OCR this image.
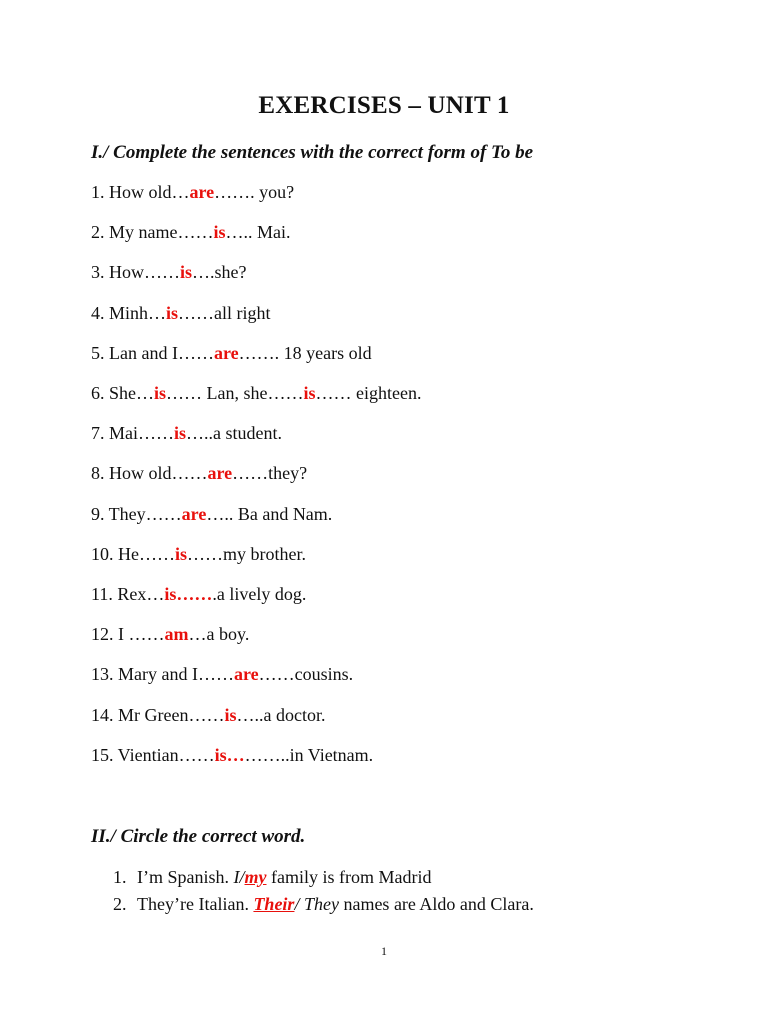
EXERCISES – UNIT 1
I./ Complete the sentences with the correct form of To be
1. How old…are……. you?
2. My name……is….. Mai.
3. How……is….she?
4. Minh…is……all right
5. Lan and I……are……. 18 years old
6. She…is…… Lan, she……is…… eighteen.
7. Mai……is…..a student.
8. How old……are……they?
9. They……are….. Ba and Nam.
10. He……is……my brother.
11. Rex…is…….a lively dog.
12. I ……am…a boy.
13. Mary and I……are……cousins.
14. Mr Green……is…..a doctor.
15. Vientian……is………..in Vietnam.
II./ Circle the correct word.
1. I’m Spanish. I/my family is from Madrid
2. They’re Italian. Their/ They names are Aldo and Clara.
1
